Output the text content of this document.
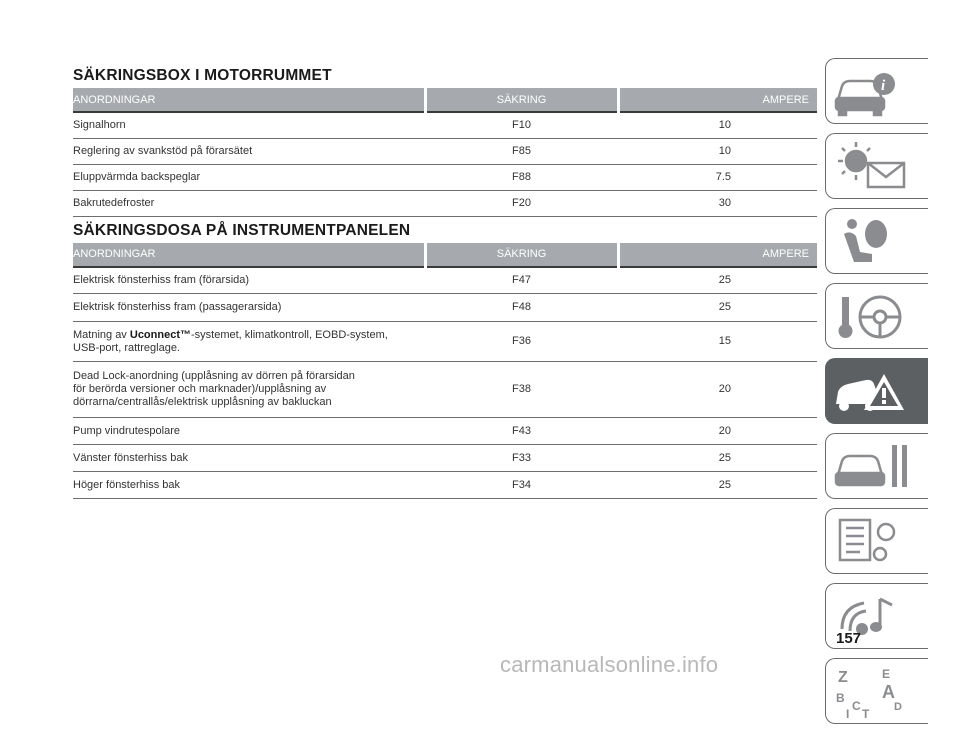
SÄKRINGSBOX I MOTORRUMMET
ANORDNINGAR	SÄKRING	AMPERE
Signalhorn	F10	10
Reglering av svankstöd på förarsätet	F85	10
Eluppvärmda backspeglar	F88	7.5
Bakrutedefroster	F20	30
SÄKRINGSDOSA PÅ INSTRUMENTPANELEN
ANORDNINGAR	SÄKRING	AMPERE
Elektrisk fönsterhiss fram (förarsida)	F47	25
Elektrisk fönsterhiss fram (passagerarsida)	F48	25
Matning av Uconnect™-systemet, klimatkontroll, EOBD-system,
USB-port, rattreglage.	F36	15
Dead Lock-anordning (upplåsning av dörren på förarsidan
för berörda versioner och marknader)/upplåsning av
dörrarna/centrallås/elektrisk upplåsning av bakluckan	F38	20
Pump vindrutespolare	F43	20
Vänster fönsterhiss bak	F33	25
Höger fönsterhiss bak	F34	25
i
Z	E
B A
C
T D
I
157
carmanualsonline.info
